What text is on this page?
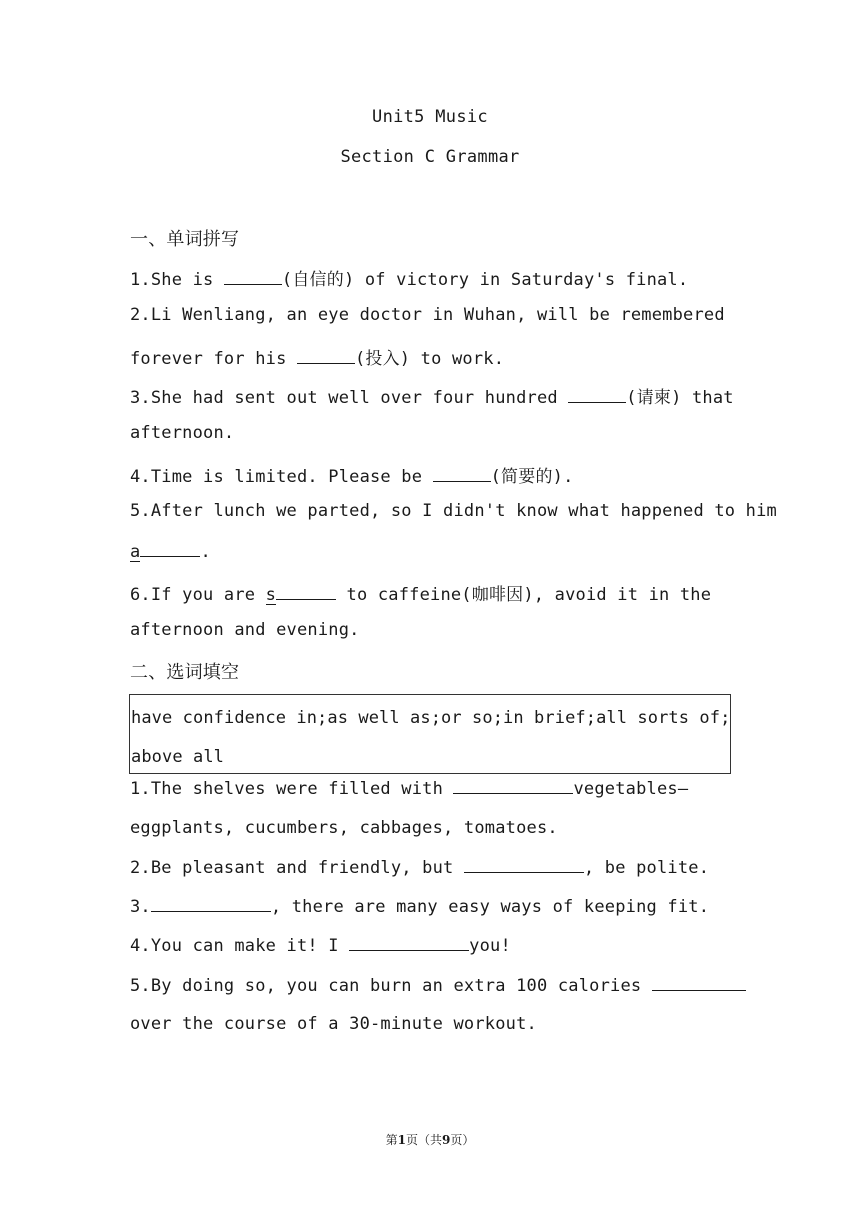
Unit5 Music
Section C Grammar
一、单词拼写
1.She is	(自信的) of victory in Saturday's final.
2.Li Wenliang, an eye doctor in Wuhan, will be remembered
forever for his	(投入) to work.
3.She had sent out well over four hundred	(请柬) that
afternoon.
4.Time is limited. Please be	(简要的).
5.After lunch we parted, so I didn't know what happened to him
a	.
6.If you are s	to caffeine(咖啡因), avoid it in the
afternoon and evening.
二、选词填空
have confidence in;as well as;or so;in brief;all sorts of;above all
1.The shelves were filled with	vegetables—
eggplants, cucumbers, cabbages, tomatoes.
2.Be pleasant and friendly, but	, be polite.
3.	, there are many easy ways of keeping fit.
4.You can make it! I	you!
5.By doing so, you can burn an extra 100 calories
over the course of a 30-minute workout.
第1页（共9页）
